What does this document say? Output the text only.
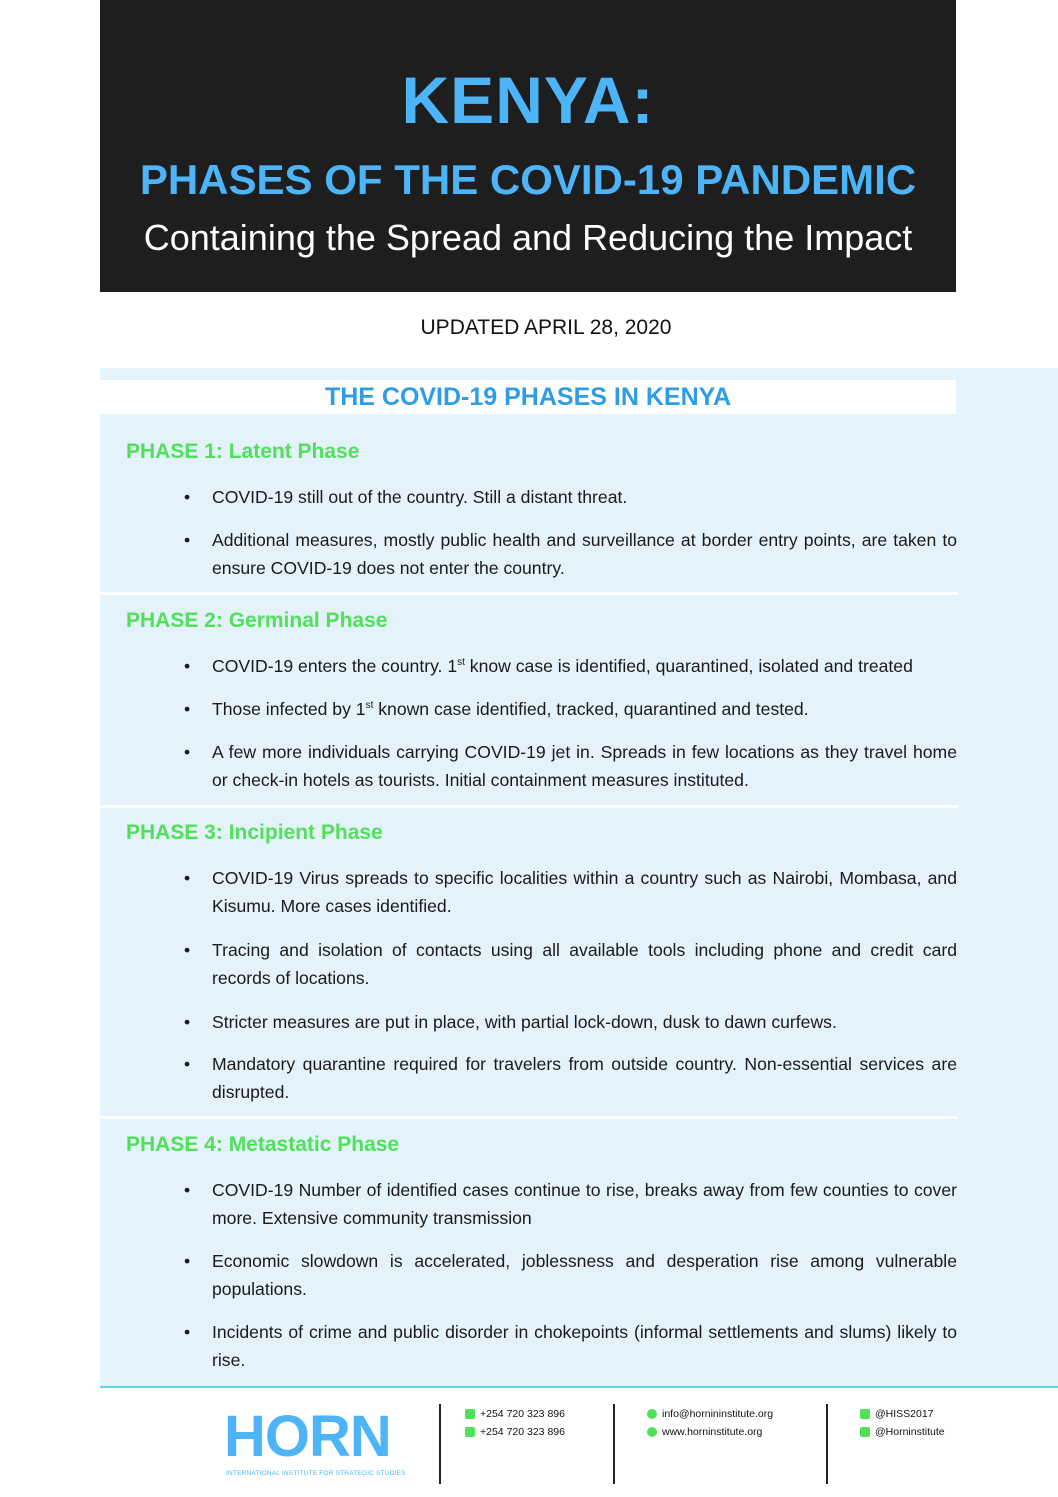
KENYA:
PHASES OF THE COVID-19 PANDEMIC
Containing the Spread and Reducing the Impact
UPDATED APRIL 28, 2020
THE COVID-19 PHASES IN KENYA
PHASE 1: Latent Phase
• COVID-19 still out of the country. Still a distant threat.
• Additional measures, mostly public health and surveillance at border entry points, are taken to ensure COVID-19 does not enter the country.
PHASE 2: Germinal Phase
• COVID-19 enters the country. 1st know case is identified, quarantined, isolated and treated
• Those infected by 1st known case identified, tracked, quarantined and tested.
• A few more individuals carrying COVID-19 jet in. Spreads in few locations as they travel home or check-in hotels as tourists. Initial containment measures instituted.
PHASE 3: Incipient Phase
• COVID-19 Virus spreads to specific localities within a country such as Nairobi, Mombasa, and Kisumu. More cases identified.
• Tracing and isolation of contacts using all available tools including phone and credit card records of locations.
• Stricter measures are put in place, with partial lock-down, dusk to dawn curfews.
• Mandatory quarantine required for travelers from outside country. Non-essential services are disrupted.
PHASE 4: Metastatic Phase
• COVID-19 Number of identified cases continue to rise, breaks away from few counties to cover more. Extensive community transmission
• Economic slowdown is accelerated, joblessness and desperation rise among vulnerable populations.
• Incidents of crime and public disorder in chokepoints (informal settlements and slums) likely to rise.
HORN
INTERNATIONAL INSTITUTE FOR STRATEGIC STUDIES
+254 720 323 896
+254 720 323 896
info@hornininstitute.org
www.horninstitute.org
@HISS2017
@Horninstitute
